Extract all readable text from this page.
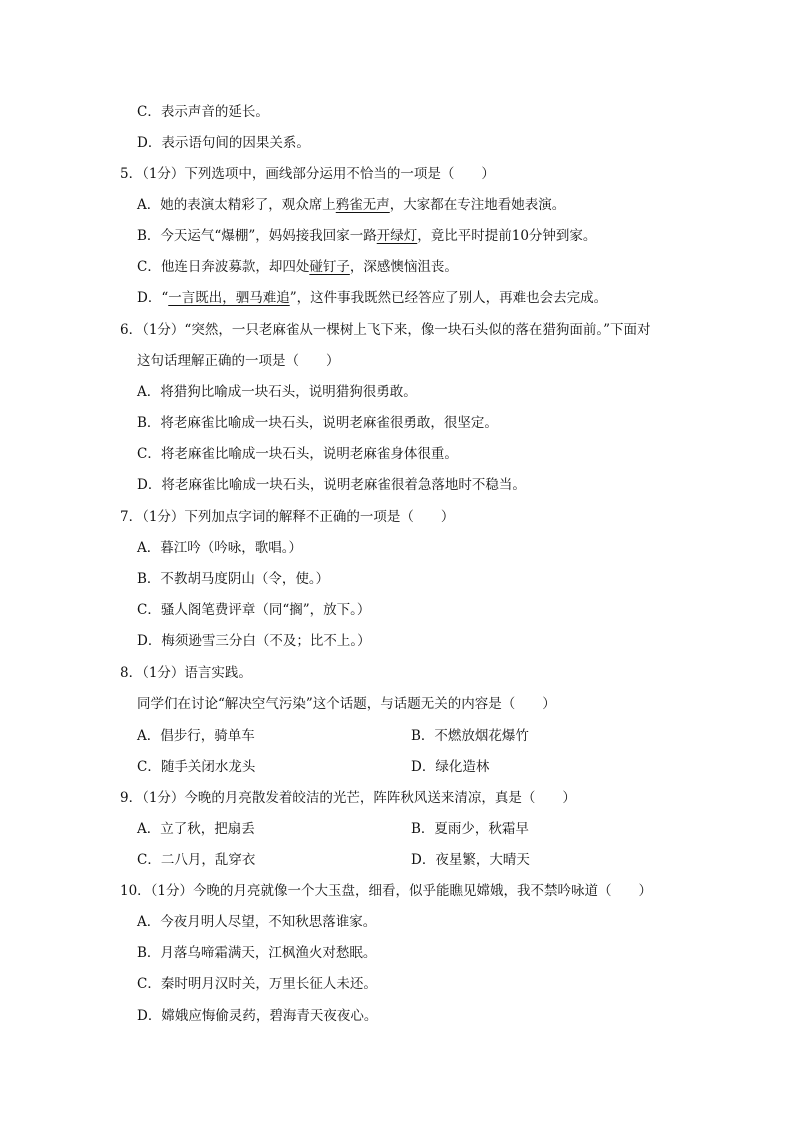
C．表示声音的延长。
D．表示语句间的因果关系。
5．（1分）下列选项中，画线部分运用不恰当的一项是（　　）
A．她的表演太精彩了，观众席上鸦雀无声，大家都在专注地看她表演。
B．今天运气“爆棚”，妈妈接我回家一路开绿灯，竟比平时提前10分钟到家。
C．他连日奔波募款，却四处碰钉子，深感懊恼沮丧。
D．“一言既出，驷马难追”，这件事我既然已经答应了别人，再难也会去完成。
6．（1分）“突然，一只老麻雀从一棵树上飞下来，像一块石头似的落在猎狗面前。”下面对
这句话理解正确的一项是（　　）
A．将猎狗比喻成一块石头，说明猎狗很勇敢。
B．将老麻雀比喻成一块石头，说明老麻雀很勇敢，很坚定。
C．将老麻雀比喻成一块石头，说明老麻雀身体很重。
D．将老麻雀比喻成一块石头，说明老麻雀很着急落地时不稳当。
7．（1分）下列加点字词的解释不正确的一项是（　　）
A．暮江吟（吟咏，歌唱。）
B．不教胡马度阴山（令，使。）
C．骚人阁笔费评章（同“搁”，放下。）
D．梅须逊雪三分白（不及；比不上。）
8．（1分）语言实践。
同学们在讨论“解决空气污染”这个话题，与话题无关的内容是（　　）
A．倡步行，骑单车	B．不燃放烟花爆竹
C．随手关闭水龙头	D．绿化造林
9．（1分）今晚的月亮散发着皎洁的光芒，阵阵秋风送来清凉，真是（　　）
A．立了秋，把扇丢	B．夏雨少，秋霜早
C．二八月，乱穿衣	D．夜星繁，大晴天
10．（1分）今晚的月亮就像一个大玉盘，细看，似乎能瞧见嫦娥，我不禁吟咏道（　　）
A．今夜月明人尽望，不知秋思落谁家。
B．月落乌啼霜满天，江枫渔火对愁眠。
C．秦时明月汉时关，万里长征人未还。
D．嫦娥应悔偷灵药，碧海青天夜夜心。
